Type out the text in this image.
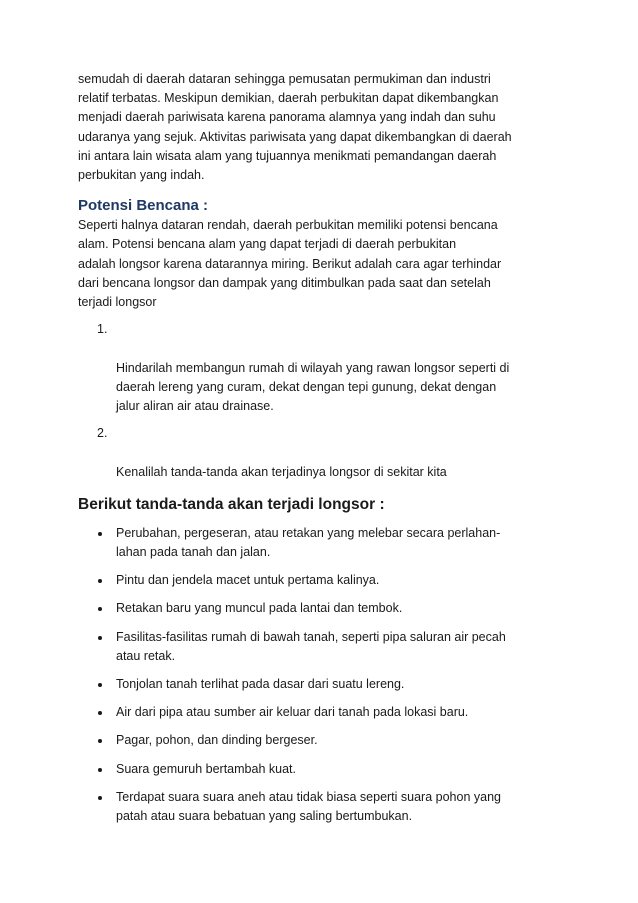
semudah di daerah dataran sehingga pemusatan permukiman dan industri
relatif terbatas. Meskipun demikian, daerah perbukitan dapat dikembangkan
menjadi daerah pariwisata karena panorama alamnya yang indah dan suhu
udaranya yang sejuk. Aktivitas pariwisata yang dapat dikembangkan di daerah
ini antara lain wisata alam yang tujuannya menikmati pemandangan daerah
perbukitan yang indah.

Potensi Bencana :

Seperti halnya dataran rendah, daerah perbukitan memiliki potensi bencana
alam. Potensi bencana alam yang dapat terjadi di daerah perbukitan
adalah longsor karena datarannya miring. Berikut adalah cara agar terhindar
dari bencana longsor dan dampak yang ditimbulkan pada saat dan setelah
terjadi longsor

1.

Hindarilah membangun rumah di wilayah yang rawan longsor seperti di
daerah lereng yang curam, dekat dengan tepi gunung, dekat dengan
jalur aliran air atau drainase.

2.

Kenalilah tanda-tanda akan terjadinya longsor di sekitar kita

Berikut tanda-tanda akan terjadi longsor :
Perubahan, pergeseran, atau retakan yang melebar secara perlahan-
lahan pada tanah dan jalan.
Pintu dan jendela macet untuk pertama kalinya.
Retakan baru yang muncul pada lantai dan tembok.
Fasilitas-fasilitas rumah di bawah tanah, seperti pipa saluran air pecah
atau retak.
Tonjolan tanah terlihat pada dasar dari suatu lereng.
Air dari pipa atau sumber air keluar dari tanah pada lokasi baru.
Pagar, pohon, dan dinding bergeser.
Suara gemuruh bertambah kuat.
Terdapat suara suara aneh atau tidak biasa seperti suara pohon yang
patah atau suara bebatuan yang saling bertumbukan.
